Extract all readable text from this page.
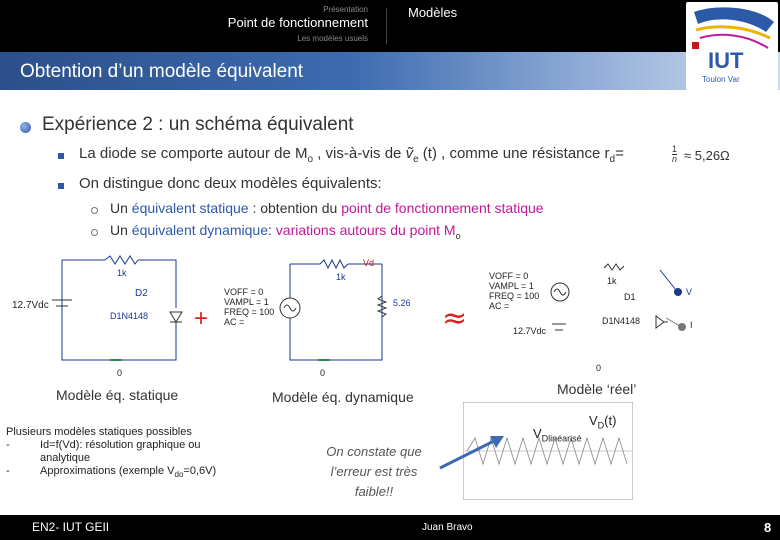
Présentation
Point de fonctionnement
Les modèles usuels
Modèles
Obtention d’un modèle équivalent	IUT
Toulon Var
Expérience 2 : un schéma équivalent
La diode se comporte autour de $M_o$ , vis-à-vis de ṽ$_e$ (t) , comme une résistance $r_d=$	1
n ≈ 5,26Ω
On distingue donc deux modèles équivalents:
Un équivalent statique : obtention du point de fonctionnement statique
Un équivalent dynamique: variations autours du point $M_o$
+	≈
1k
D2
D1N4148
12.7Vdc
0
Modèle éq. statique
1k
Vd
VOFF = 0
VAMPL = 1
FREQ = 100
AC =
5.26
0
Modèle éq. dynamique
VOFF = 0
VAMPL = 1
FREQ = 100
AC =
1k
D1
D1N4148
12.7Vdc
0
V
I
Modèle ‘réel’
$V_D(t)$
$V_{Dlinéarisé}$
Plusieurs modèles statiques possibles
-	Id=f(Vd): résolution graphique ou analytique
-	Approximations (exemple $V_{do}=0,6V$)
On constate que l’erreur est très faible!!
EN2- IUT GEII	Juan Bravo	8
